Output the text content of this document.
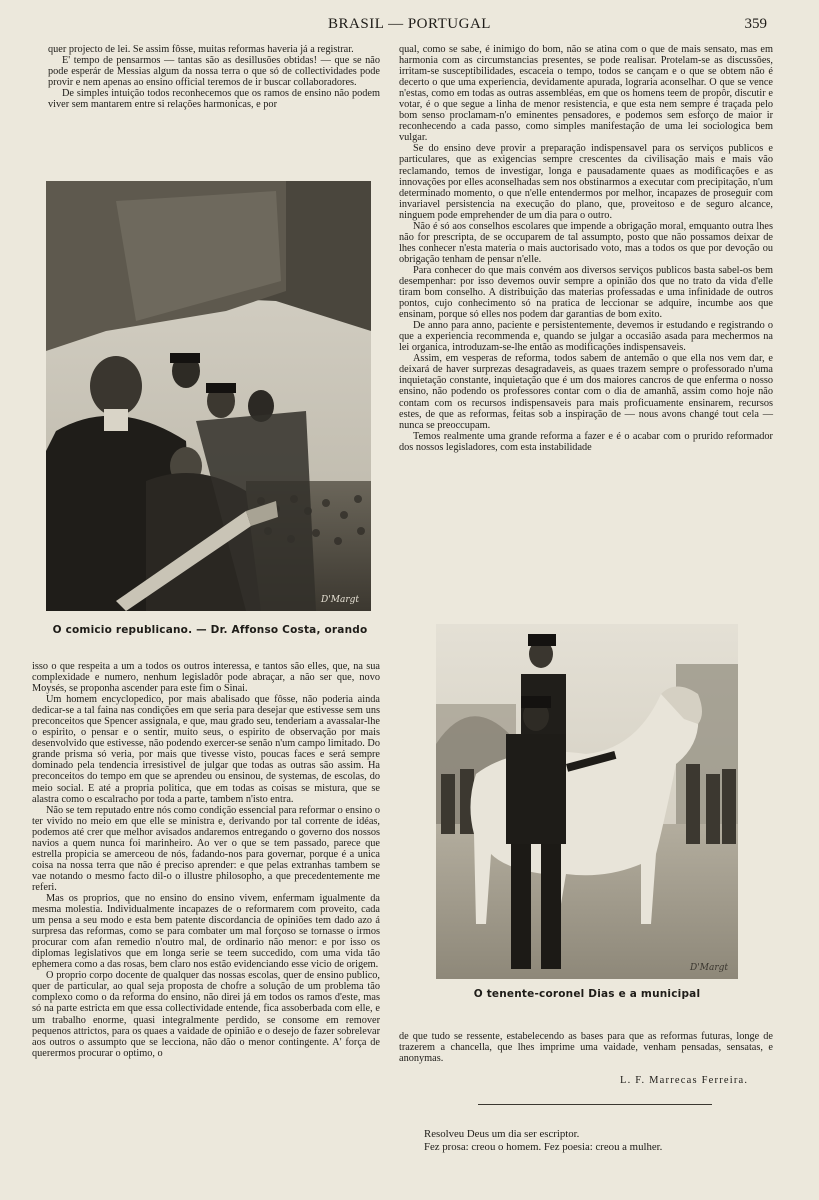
BRASIL — PORTUGAL	359

quer projecto de lei. Se assim fôsse, muitas reformas haveria já a registrar.

E' tempo de pensarmos — tantas são as desillusões obtidas! — que se não pode esperár de Messias algum da nossa terra o que só de collectividades pode provir e nem apenas ao ensino official teremos de ir buscar collaboradores.

De simples intuição todos reconhecemos que os ramos de ensino não podem viver sem mantarem entre si relações harmonicas, e por

D'Margt
O comicio republicano. — Dr. Affonso Costa, orando

isso o que respeita a um a todos os outros interessa, e tantos são elles, que, na sua complexidade e numero, nenhum legisladôr pode abraçar, a não ser que, novo Moysés, se proponha ascender para este fim o Sinai.

Um homem encyclopedico, por mais abalisado que fôsse, não poderia ainda dedicar-se a tal faina nas condições em que seria para desejar que estivesse sem uns preconceitos que Spencer assignala, e que, mau grado seu, tenderiam a avassalar-lhe o espirito, o pensar e o sentir, muito seus, o espirito de observação por mais desenvolvido que estivesse, não podendo exercer-se senão n'um campo limitado. Do grande prisma só veria, por mais que tivesse visto, poucas faces e será sempre dominado pela tendencia irresistivel de julgar que todas as outras são assim. Ha preconceitos do tempo em que se aprendeu ou ensinou, de systemas, de escolas, do meio social. E até a propria politica, que em todas as coisas se mistura, que se alastra como o escalracho por toda a parte, tambem n'isto entra.

Não se tem reputado entre nós como condição essencial para reformar o ensino o ter vivido no meio em que elle se ministra e, derivando por tal corrente de idéas, podemos até crer que melhor avisados andaremos entregando o governo dos nossos navios a quem nunca foi marinheiro. Ao ver o que se tem passado, parece que estrella propicia se amerceou de nós, fadando-nos para governar, porque é a unica coisa na nossa terra que não é preciso aprender: e que pelas extranhas tambem se vae notando o mesmo facto dil-o o illustre philosopho, a que precedentemente me referi.

Mas os proprios, que no ensino do ensino vivem, enfermam igualmente da mesma molestia. Individualmente incapazes de o reformarem com proveito, cada um pensa a seu modo e esta bem patente discordancia de opiniões tem dado azo á surpresa das reformas, como se para combater um mal forçoso se tornasse o irmos procurar com afan remedio n'outro mal, de ordinario não menor: e por isso os diplomas legislativos que em longa serie se teem succedido, com uma vida tão ephemera como a das rosas, bem claro nos estão evidenciando esse vicio de origem.

O proprio corpo docente de qualquer das nossas escolas, quer de ensino publico, quer de particular, ao qual seja proposta de chofre a solução de um problema tão complexo como o da reforma do ensino, não direi já em todos os ramos d'este, mas só na parte estricta em que essa collectividade entende, fica assoberbada com elle, e um trabalho enorme, quasi integralmente perdido, se consome em remover pequenos attrictos, para os quaes a vaidade de opinião e o desejo de fazer sobrelevar aos outros o assumpto que se lecciona, não dão o menor contingente. A' força de querermos procurar o optimo, o

qual, como se sabe, é inimigo do bom, não se atina com o que de mais sensato, mas em harmonia com as circumstancias presentes, se pode realisar. Protelam-se as discussões, irritam-se susceptibilidades, escaceia o tempo, todos se cançam e o que se obtem não é decerto o que uma experiencia, devidamente apurada, lograria aconselhar. O que se vence n'estas, como em todas as outras assembléas, em que os homens teem de propôr, discutir e votar, é o que segue a linha de menor resistencia, e que esta nem sempre é traçada pelo bom senso proclamam-n'o eminentes pensadores, e podemos sem esforço de maior ir reconhecendo a cada passo, como simples manifestação de uma lei sociologica bem vulgar.

Se do ensino deve provir a preparação indispensavel para os serviços publicos e particulares, que as exigencias sempre crescentes da civilisação mais e mais vão reclamando, temos de investigar, longa e pausadamente quaes as modificações e as innovações por elles aconselhadas sem nos obstinarmos a executar com precipitação, n'um determinado momento, o que n'elle entendermos por melhor, incapazes de proseguir com invariavel persistencia na execução do plano, que, proveitoso e de seguro alcance, ninguem pode emprehender de um dia para o outro.

Não é só aos conselhos escolares que impende a obrigação moral, emquanto outra lhes não for prescripta, de se occuparem de tal assumpto, posto que não possamos deixar de lhes conhecer n'esta materia o mais auctorisado voto, mas a todos os que por devoção ou obrigação tenham de pensar n'elle.

Para conhecer do que mais convém aos diversos serviços publicos basta sabel-os bem desempenhar: por isso devemos ouvir sempre a opinião dos que no trato da vida d'elle tiram bom conselho. A distribuição das materias professadas e uma infinidade de outros pontos, cujo conhecimento só na pratica de leccionar se adquire, incumbe aos que ensinam, porque só elles nos podem dar garantias de bom exito.

De anno para anno, paciente e persistentemente, devemos ir estudando e registrando o que a experiencia recommenda e, quando se julgar a occasião asada para mechermos na lei organica, introduzam-se-lhe então as modificações indispensaveis.

Assim, em vesperas de reforma, todos sabem de antemão o que ella nos vem dar, e deixará de haver surprezas desagradaveis, as quaes trazem sempre o professorado n'uma inquietação constante, inquietação que é um dos maiores cancros de que enferma o nosso ensino, não podendo os professores contar com o dia de amanhã, assim como hoje não contam com os recursos indispensaveis para mais proficuamente ensinarem, recursos estes, de que as reformas, feitas sob a inspiração de — nous avons changé tout cela — nunca se preoccupam.

Temos realmente uma grande reforma a fazer e é o acabar com o prurido reformador dos nossos legisladores, com esta instabilidade

D'Margt
O tenente-coronel Dias e a municipal

de que tudo se ressente, estabelecendo as bases para que as reformas futuras, longe de trazerem a chancella, que lhes imprime uma vaidade, venham pensadas, sensatas, e anonymas.

L. F. Marrecas Ferreira.
Resolveu Deus um dia ser escriptor.
Fez prosa: creou o homem. Fez poesia: creou a mulher.
